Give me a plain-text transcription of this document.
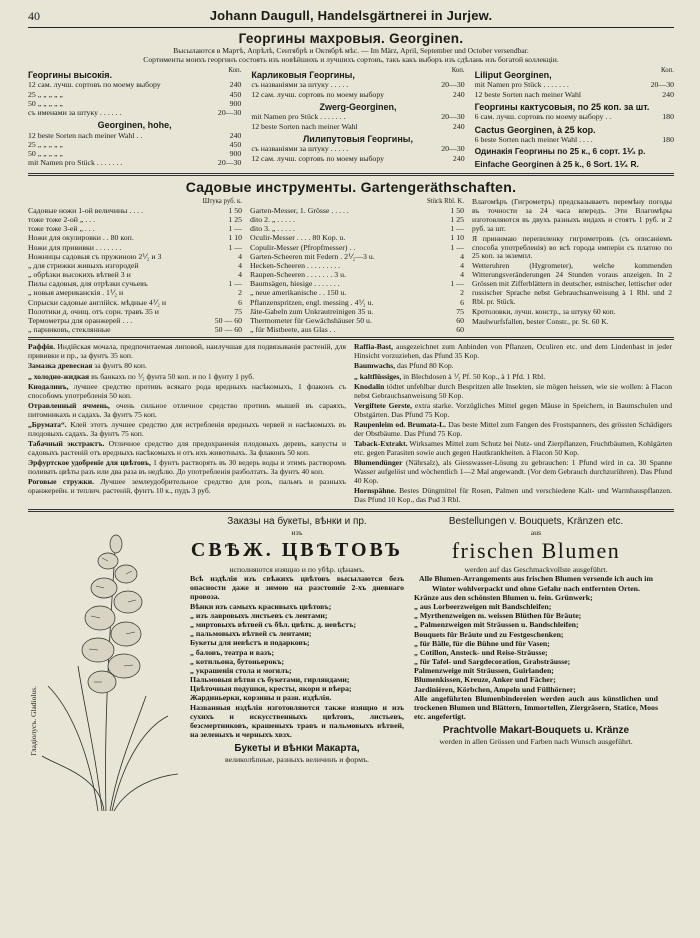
40	Johann Daugull, Handelsgärtnerei in Jurjew.
Георгины махровыя. Georginen.
Высылаются в Мартѣ, Апрѣлѣ, Сентябрѣ и Октябрѣ мѣс. — Im März, April, September und October versendbar.
Сортименты моихъ георгинъ состоять изъ новѣйшихъ и лучшихъ сортовъ, такъ какъ выборъ изъ сдѣлань изъ богатой коллекціи.
Георгины высокія.	Коп.
12 сам. лучш. сортовъ по моему выбору	240
25 „ „ „ „ „	450
50 „ „ „ „ „	900
съ именами за штуку . . . . . .	20—30
Georginen, hohe,
12 beste Sorten nach meiner Wahl . .	240
25 „ „ „ „ „	450
50 „ „ „ „ „	900
mit Namen pro Stück . . . . . . .	20—30
Карликовыя Георгины,	Коп.
съ названіями за штуку . . . . .	20—30
12 сам. лучш. сортовъ по моему выбору	240
Zwerg-Georginen,
mit Namen pro Stück . . . . . . .	20—30
12 beste Sorten nach meiner Wahl	240
Лилипутовыя Георгины,
съ названіями за штуку . . . . .	20—30
12 сам. лучш. сортовъ по моему выбору	240
Liliput Georginen,	Коп.
mit Namen pro Stück . . . . . . .	20—30
12 beste Sorten nach meiner Wahl	240
Георгины кактусовыя, по 25 коп. за шт.
6 сам. лучш. сортовъ по моему выбору . .	180
Cactus Georginen, à 25 kop.
6 beste Sorten nach meiner Wahl . . . .	180
Одинакія Георгины по 25 к., 6 сорт. 1⅟₄ р.
Einfache Georginen à 25 k., 6 Sort. 1⅟₄ R.
Садовые инструменты. Gartengeräthschaften.
Штука руб. к.
Садовые ножи 1-ой величины . . . .	1 50
тоже тоже 2-ой „ . . .	1 25
тоже тоже 3-ей „ . . .	1 —
Ножи для окулировки . . 80 коп.	1 10
Ножи для прививки . . . . . . .	1 —
Ножницы садовыя съ пружиною 2⅟₂ и 3	4
„ для стрижки живыхъ изгородей	4
„ обрѣзки высокихъ вѣтвей 3 и	4
Пилы садовыя, для отрѣзки сучьевъ	1 —
„ новыя американскія . 1⅟₂ и	2
Спрыски садовые англійск. мѣдные 4⅟₂ и	6
Полотики д. очищ. отъ сорн. травъ 35 и	75
Термометры для оранжерей . . .	50 — 60
„ парниковъ, стеклянные	50 — 60
Stück Rbl. K.
Garten-Messer, 1. Grösse . . . . .	1 50
dito 2. „ . . . . .	1 25
dito 3. „ . . . . .	1 —
Oculir-Messer . . . . 80 Kop. u.	1 10
Copulir-Messer (Pfropfmesser) . .	1 —
Garten-Scheeren mit Federn . 2⅟₂—3 u.	4
Hecken-Scheeren . . . . . . . . .	4
Raupen-Scheeren . . . . . . . 3 u.	4
Baumsägen, hiesige . . . . . . .	1 —
„ neue amerikanische . . 150 u.	2
Pflanzenspritzen, engl. messing . 4⅟₂ u.	6
Jäte-Gabeln zum Unkrautreinigen 35 u.	75
Thermometer für Gewächshäuser 50 u.	60
„ für Mistbeete, aus Glas . .	60

Влагомѣръ (Гигрометръ) предсказываетъ перемѣну погоды въ точности за 24 часа впередъ. Эти Влагомѣры изготовляются въ двухъ разныхъ видахъ и стоятъ 1 руб. и 2 руб. за шт.

Я принимаю перепиленку гигрометровъ (съ описаніемъ способа употребленія) во всѣ города имперіи съ платою по 25 коп. за экземпл.

Wetteruhren (Hygrometer), welche kommenden Witterungsveränderungen 24 Stunden voraus anzeigen. In 2 Grössen mit Zifferblättern in deutscher, estnischer, lettischer oder russischer Sprache nebst Gebrauchsanweisung à 1 Rbl. und 2 Rbl. pr. Stück.

Кротоловки, лучш. констр., за штуку 60 коп.

Maulwurfsfallen, bester Constr., pr. St. 60 K.

Раффія. Индійская мочала, предпочитаемая липовой, наилучшая для подвязыванія растеній, для прививки и пр., за фунтъ 35 коп.

Замазка древесная за фунтъ 80 коп.

„ холодно-жидкая въ банкахъ по ⅟₂ фунта 50 коп. и по 1 фунту 1 руб.

Кнодалинъ, лучшее средство противъ всякаго рода вредныхъ насѣкомыхъ, 1 флаконъ съ способомъ употребленія 50 коп.

Отравленный ячмень, очень сильное отличное средство противъ мышей въ сараяхъ, питомникахъ и садахъ. За фунтъ 75 коп.

„Брумата“. Клей этотъ лучшее средство для истребленія вредныхъ червей и насѣкомыхъ въ плодовыхъ садахъ. За фунтъ 75 коп.

Табачный экстрактъ. Отличное средство для предохраненія плодовыхъ деревъ, капусты и садовыхъ растеній отъ вредныхъ насѣкомыхъ и отъ ихъ животныхъ. За флаконъ 50 коп.

Эрфуртское удобреніе для цвѣтовъ, 1 фунтъ растворять въ 30 ведерь воды и этимъ растворомъ поливать цвѣты разъ или два раза въ недѣлю. До употребленія разболтать. За фунтъ 40 коп.

Роговые стружки. Лучшее землеудобрительное средство для розъ, пальмъ и разныхъ оранжерейн. и теплич. растеній, фунтъ 10 к., пудъ 3 руб.

Raffia-Bast, ausgezeichnet zum Anbinden von Pflanzen, Oculiren etc. und dem Lindenbast in jeder Hinsicht vorzuziehen, das Pfund 35 Kop.

Baumwachs, das Pfund 80 Kop.

„ kaltflüssiges, in Blechdosen à ⅟₂ Pf. 50 Kop., à 1 Pfd. 1 Rbl.

Knodalin tödtet unfehlbar durch Bespritzen alle Insekten, sie mögen heissen, wie sie wollen: à Flacon nebst Gebrauchsanweisung 50 Kop.

Vergiftete Gerste, extra starke. Vorzügliches Mittel gegen Mäuse in Speichern, in Baumschulen und Obstgärten. Das Pfund 75 Kop.

Raupenleim od. Brumata-L. Das beste Mittel zum Fangen des Frostspanners, des grössten Schädigers der Obstbäume. Das Pfund 75 Kop.

Taback-Extrakt. Wirksames Mittel zum Schutz bei Nutz- und Zierpflanzen, Fruchtbäumen, Kohlgärten etc. gegen Parasiten sowie auch gegen Hautkrankheiten. à Flacon 50 Kop.

Blumendünger (Nährsalz), als Giesswasser-Lösung zu gebrauchen: 1 Pfund wird in ca. 30 Spanne Wasser aufgelöst und wöchentlich 1—2 Mal angewandt. (Vor dem Gebrauch durchzurühren). Das Pfund 40 Kop.

Hornspähne. Bestes Düngmittel für Rosen, Palmen und verschiedene Kalt- und Warmhauspflanzen. Das Pfund 10 Kop., das Pud 3 Rbl.

Гладіолусъ. Gladiolus.
Заказы на букеты, вѣнки и пр.
изъ
СВѢЖ. ЦВѢТОВЪ
исполняются изящно и по убѣр. цѣнамъ.
Всѣ издѣлія изъ свѣжихъ цвѣтовъ высылаются безъ опасности даже и зимою на разстояніе 2-хъ дневнаго провоза.
Вѣнки изъ самыхъ красивыхъ цвѣтовъ;
„ изъ лавровыхъ листьевъ съ лентами;
„ миртовыхъ вѣтвей съ бѣл. цвѣтк. д. невѣстъ;
„ пальмовыхъ вѣтвей съ лентами;
Букеты для невѣстъ и подарковъ;
„ баловъ, театра и вазъ;
„ котильона, бутоньерокъ;
„ украшенія стола и могилъ;
Пальмовыя вѣтви съ букетами, гирляндами;
Цвѣточныя подушки, кресты, якори и вѣера;
Жардиньерки, корзины и разн. издѣлія.
Названныя издѣлія изготовляются также изящно и изъ сухихъ и искусственныхъ цвѣтовъ, листьевъ, безсмертниковъ, крашеныхъ травъ и пальмовыхъ вѣтвей, на зеленыхъ и черныхъ хвзх.
Букеты и вѣнки Макарта,
великолѣпные, разныхъ величинъ и формъ.
Bestellungen v. Bouquets, Kränzen etc.
aus
frischen Blumen
werden auf das Geschmackvollste ausgeführt.
Alle Blumen-Arrangements aus frischen Blumen versende ich auch im Winter wohlverpackt und ohne Gefahr nach entfernten Orten.
Kränze aus den schönsten Blumen u. fein. Grünwerk;
„ aus Lorbeerzweigen mit Bandschleifen;
„ Myrthenzweigen m. weissen Blüthen für Bräute;
„ Palmenzweigen mit Sträussen u. Bandschleifen;
Bouquets für Bräute und zu Festgeschenken;
„ für Bälle, für die Bühne und für Vasen;
„ Cotillon, Ansteck- und Reise-Sträusse;
„ für Tafel- und Sargdecoration, Grabsträusse;
Palmenzweige mit Sträussen, Guirlanden;
Blumenkissen, Kreuze, Anker und Fächer;
Jardinièren, Körbchen, Ampeln und Füllhörner;
Alle angeführten Blumenbindereien werden auch aus künstlichen und trockenen Blumen und Blättern, Immortellen, Ziergräsern, Statice, Moos etc. angefertigt.
Prachtvolle Makart-Bouquets u. Kränze
werden in allen Grössen und Farben nach Wunsch ausgeführt.
